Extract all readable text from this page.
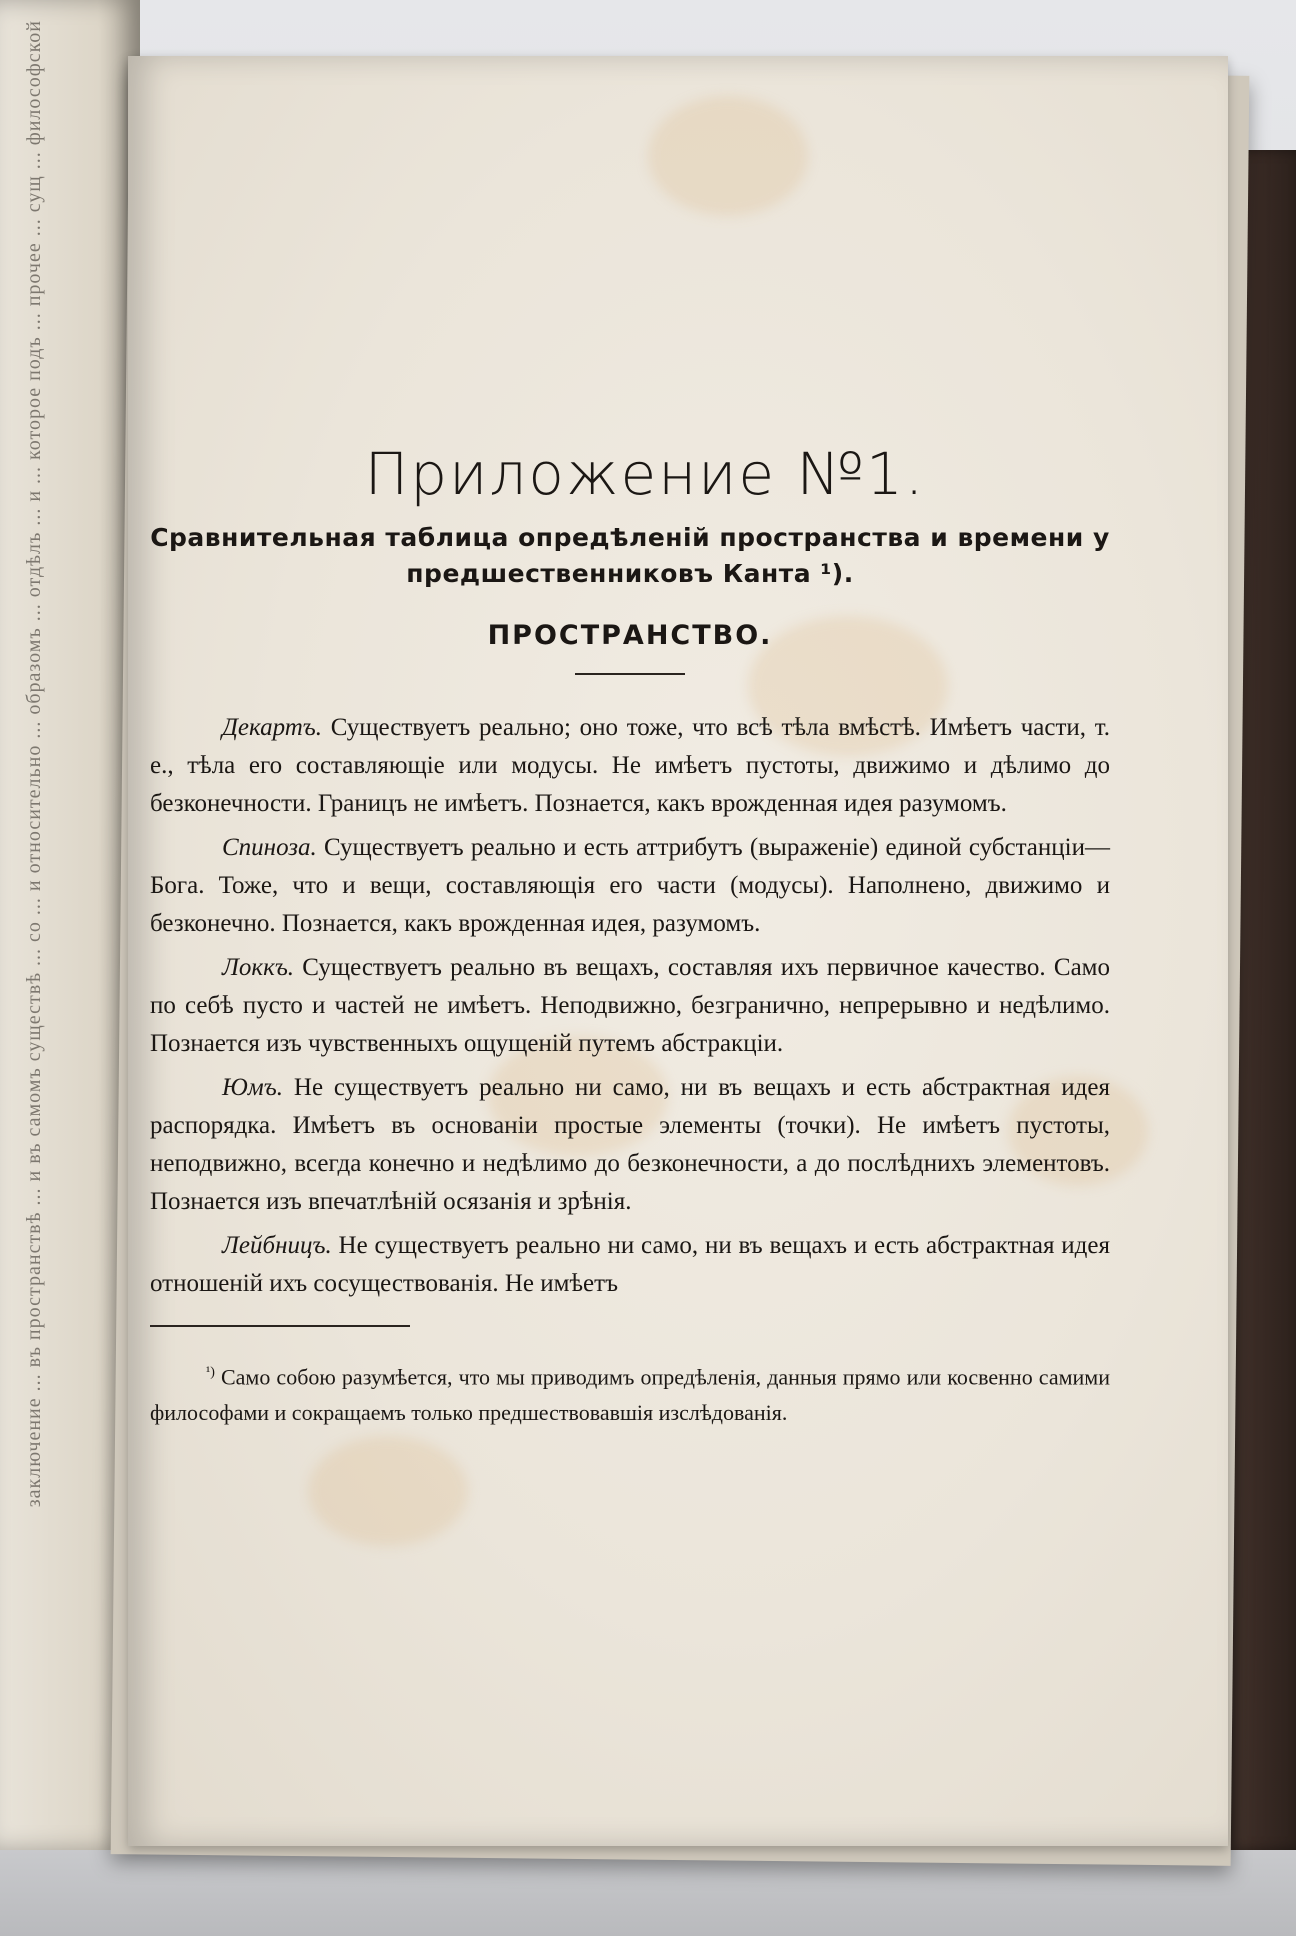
заключение ... въ пространствѣ ... и въ самомъ существѣ ... со ... и относительно ... образомъ ... отдѣлъ ... и ... которое подъ ... прочее ... сущ ... философской	Приложение №1.
Сравнительная таблица опредѣленій пространства и времени у предшественниковъ Канта ¹).
ПРОСТРАНСТВО.

Декартъ. Существуетъ реально; оно тоже, что всѣ тѣла вмѣстѣ. Имѣетъ части, т. е., тѣла его составляющіе или модусы. Не имѣетъ пустоты, движимо и дѣлимо до безконечности. Границъ не имѣетъ. Познается, какъ врожденная идея разумомъ.

Спиноза. Существуетъ реально и есть аттрибутъ (выраженіе) единой субстанціи— Бога. Тоже, что и вещи, составляющія его части (модусы). Наполнено, движимо и безконечно. Познается, какъ врожденная идея, разумомъ.

Локкъ. Существуетъ реально въ вещахъ, составляя ихъ первичное качество. Само по себѣ пусто и частей не имѣетъ. Неподвижно, безгранично, непрерывно и недѣлимо. Познается изъ чувственныхъ ощущеній путемъ абстракціи.

Юмъ. Не существуетъ реально ни само, ни въ вещахъ и есть абстрактная идея распорядка. Имѣетъ въ основаніи простые элементы (точки). Не имѣетъ пустоты, неподвижно, всегда конечно и недѣлимо до безконечности, а до послѣднихъ элементовъ. Познается изъ впечатлѣній осязанія и зрѣнія.

Лейбницъ. Не существуетъ реально ни само, ни въ вещахъ и есть абстрактная идея отношеній ихъ сосуществованія. Не имѣетъ

$^{^1)}$ Само собою разумѣется, что мы приводимъ опредѣленія, данныя прямо или косвенно самими философами и сокращаемъ только предшествовавшія изслѣдованія.
